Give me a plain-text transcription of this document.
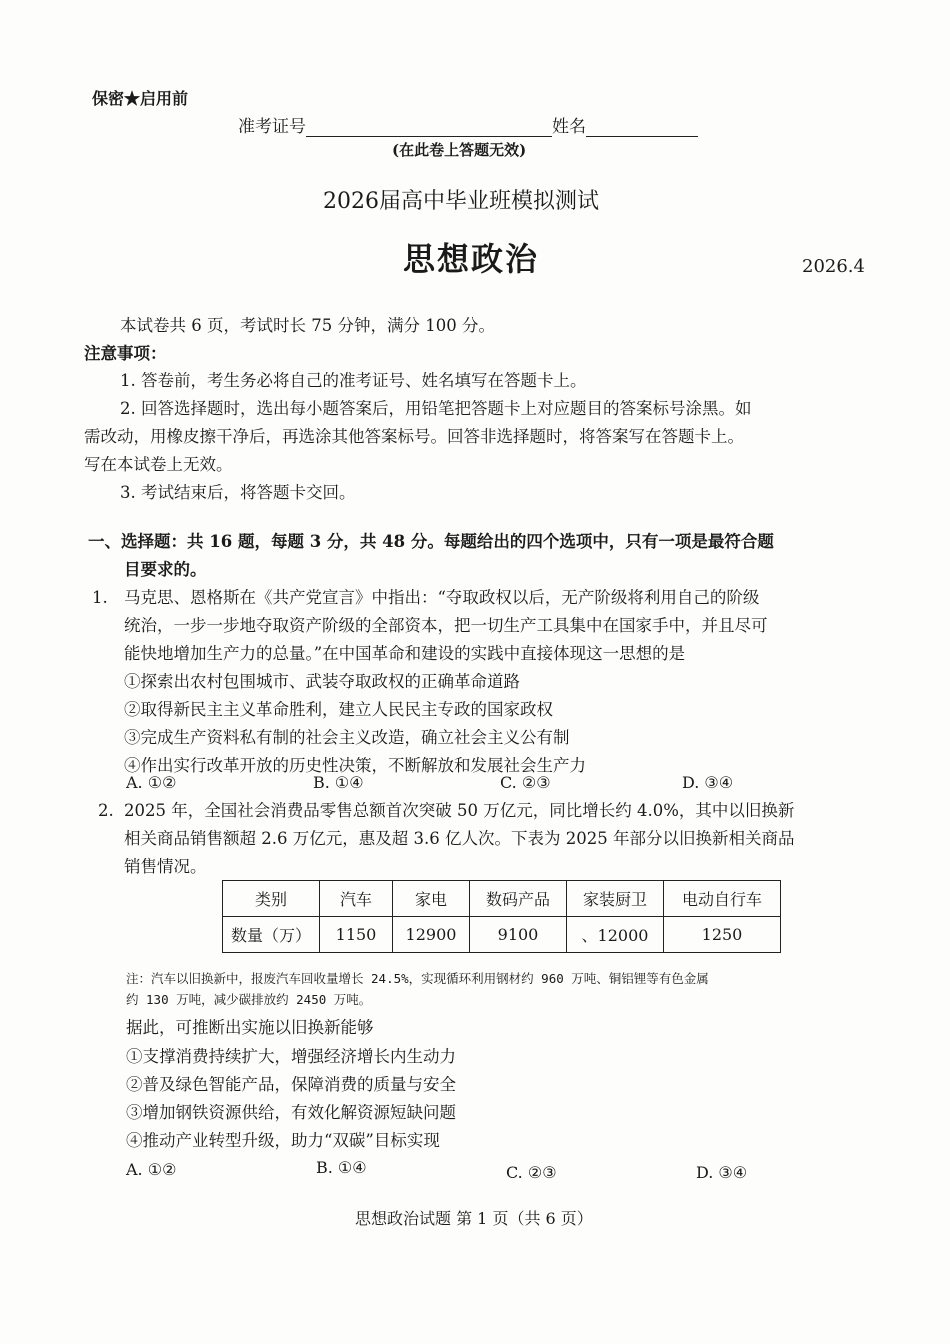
保密★启用前
准考证号	姓名
(在此卷上答题无效)
2026届高中毕业班模拟测试
思想政治	2026.4
本试卷共 6 页，考试时长 75 分钟，满分 100 分。
注意事项：
1. 答卷前，考生务必将自己的准考证号、姓名填写在答题卡上。
2. 回答选择题时，选出每小题答案后，用铅笔把答题卡上对应题目的答案标号涂黑。如
需改动，用橡皮擦干净后，再选涂其他答案标号。回答非选择题时，将答案写在答题卡上。
写在本试卷上无效。
3. 考试结束后，将答题卡交回。
一、选择题：共 16 题，每题 3 分，共 48 分。每题给出的四个选项中，只有一项是最符合题
目要求的。
1. 马克思、恩格斯在《共产党宣言》中指出：“夺取政权以后，无产阶级将利用自己的阶级
统治，一步一步地夺取资产阶级的全部资本，把一切生产工具集中在国家手中，并且尽可
能快地增加生产力的总量。”在中国革命和建设的实践中直接体现这一思想的是
①探索出农村包围城市、武装夺取政权的正确革命道路
②取得新民主主义革命胜利，建立人民民主专政的国家政权
③完成生产资料私有制的社会主义改造，确立社会主义公有制
④作出实行改革开放的历史性决策，不断解放和发展社会生产力
A. ①②	B. ①④	C. ②③	D. ③④
2. 2025 年，全国社会消费品零售总额首次突破 50 万亿元，同比增长约 4.0%，其中以旧换新
相关商品销售额超 2.6 万亿元，惠及超 3.6 亿人次。下表为 2025 年部分以旧换新相关商品
销售情况。
类别	汽车	家电	数码产品	家装厨卫	电动自行车
数量（万）	1150	12900	9100	、12000	1250
注：汽车以旧换新中，报废汽车回收量增长 24.5%，实现循环利用钢材约 960 万吨、铜铝锂等有色金属
约 130 万吨，减少碳排放约 2450 万吨。
据此，可推断出实施以旧换新能够
①支撑消费持续扩大，增强经济增长内生动力
②普及绿色智能产品，保障消费的质量与安全
③增加钢铁资源供给，有效化解资源短缺问题
④推动产业转型升级，助力“双碳”目标实现
A. ①②	B. ①④	C. ②③	D. ③④
思想政治试题 第 1 页（共 6 页）
